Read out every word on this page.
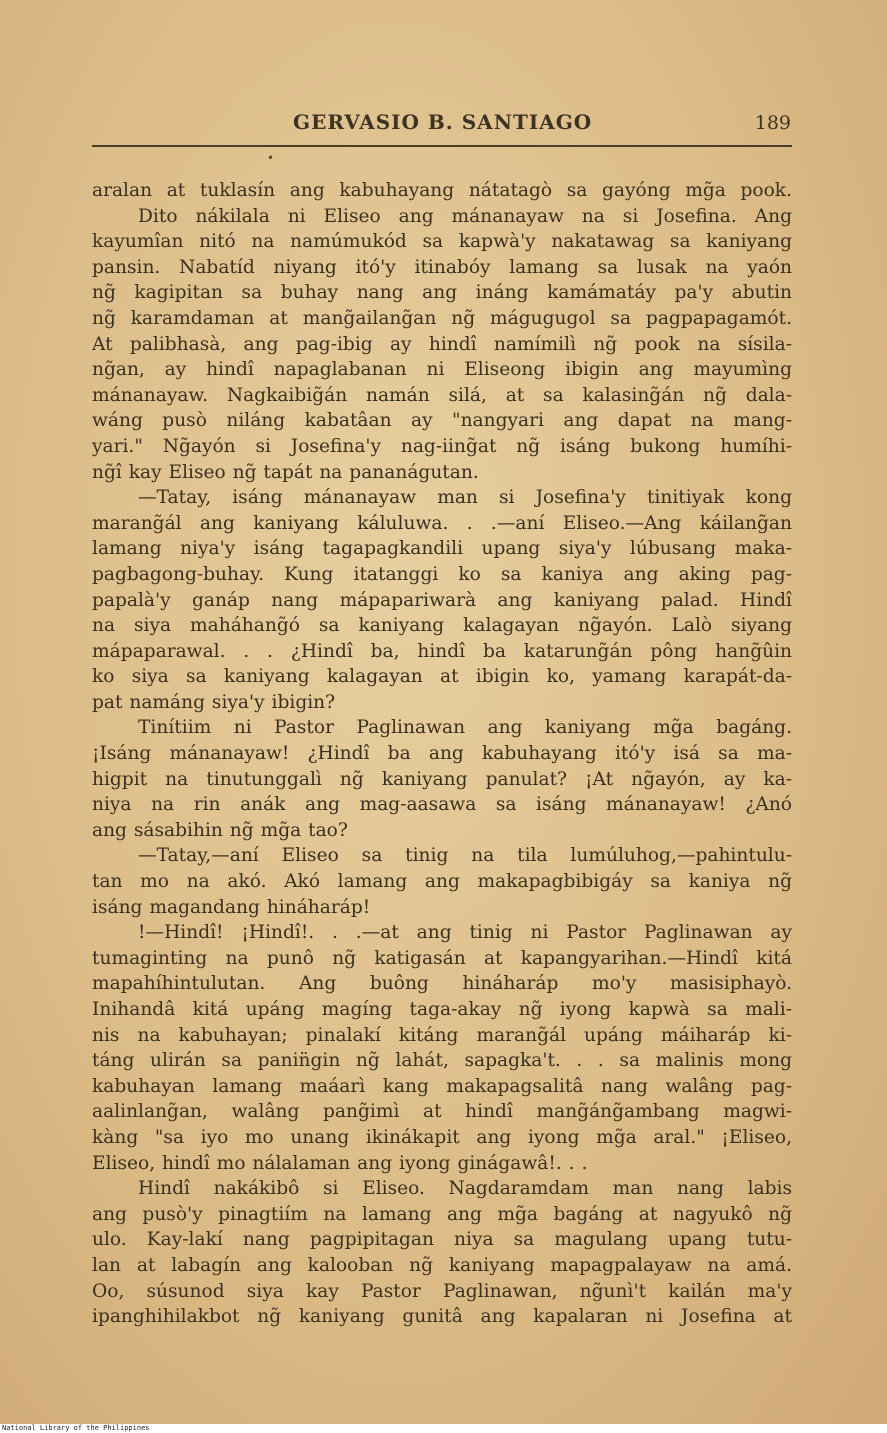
GERVASIO B. SANTIAGO	189
•
aralan at tuklasín ang kabuhayang nátatagò sa gayóng mg̃a pook.
Dito nákilala ni Eliseo ang mánanayaw na si Josefina. Ang
kayumîan nitó na namúmukód sa kapwà'y nakatawag sa kaniyang
pansin. Nabatíd niyang itó'y itinabóy lamang sa lusak na yaón
ng̃ kagipitan sa buhay nang ang ináng kamámatáy pa'y abutin
ng̃ karamdaman at mang̃ailang̃an ng̃ mágugugol sa pagpapagamót.
At palibhasà, ang pag-ibig ay hindî namímilì ng̃ pook na sísila-
ng̃an, ay hindî napaglabanan ni Eliseong ibigin ang mayumìng
mánanayaw. Nagkaibig̃án namán silá, at sa kalasing̃án ng̃ dala-
wáng pusò niláng kabatâan ay "nangyari ang dapat na mang-
yari." Ng̃ayón si Josefina'y nag-iing̃at ng̃ isáng bukong humíhi-
ng̃î kay Eliseo ng̃ tapát na pananágutan.
—Tatay, isáng mánanayaw man si Josefina'y tinitiyak kong
marang̃ál ang kaniyang káluluwa. . .—aní Eliseo.—Ang káilang̃an
lamang niya'y isáng tagapagkandili upang siya'y lúbusang maka-
pagbagong-buhay. Kung itatanggi ko sa kaniya ang aking pag-
papalà'y ganáp nang mápapariwarà ang kaniyang palad. Hindî
na siya maháhang̃ó sa kaniyang kalagayan ng̃ayón. Lalò siyang
mápaparawal. . . ¿Hindî ba, hindî ba katarung̃án pông hang̃ûin
ko siya sa kaniyang kalagayan at ibigin ko, yamang karapát-da-
pat namáng siya'y ibigin?
Tinítiim ni Pastor Paglinawan ang kaniyang mg̃a bagáng.
¡Isáng mánanayaw! ¿Hindî ba ang kabuhayang itó'y isá sa ma-
higpit na tinutunggalì ng̃ kaniyang panulat? ¡At ng̃ayón, ay ka-
niya na rin anák ang mag-aasawa sa isáng mánanayaw! ¿Anó
ang sásabihin ng̃ mg̃a tao?
—Tatay,—aní Eliseo sa tinig na tila lumúluhog,—pahintulu-
tan mo na akó. Akó lamang ang makapagbibigáy sa kaniya ng̃
isáng magandang hináharáp!
!—Hindî! ¡Hindî!. . .—at ang tinig ni Pastor Paglinawan ay
tumaginting na punô ng̃ katigasán at kapangyarihan.—Hindî kitá
mapahíhintulutan. Ang buông hináharáp mo'y masisiphayò.
Inihandâ kitá upáng magíng taga-akay ng̃ iyong kapwà sa mali-
nis na kabuhayan; pinalakí kitáng marang̃ál upáng máiharáp ki-
táng ulirán sa panin̈gin ng̃ lahát, sapagka't. . . sa malinis mong
kabuhayan lamang maáarì kang makapagsalitâ nang walâng pag-
aalinlang̃an, walâng pang̃imì at hindî mang̃áng̃ambang magwi-
kàng "sa iyo mo unang ikinákapit ang iyong mg̃a aral." ¡Eliseo,
Eliseo, hindî mo nálalaman ang iyong ginágawâ!. . .
Hindî nakákibô si Eliseo. Nagdaramdam man nang labis
ang pusò'y pinagtiím na lamang ang mg̃a bagáng at nagyukô ng̃
ulo. Kay-lakí nang pagpipitagan niya sa magulang upang tutu-
lan at labagín ang kalooban ng̃ kaniyang mapagpalayaw na amá.
Oo, súsunod siya kay Pastor Paglinawan, ng̃unì't kailán ma'y
ipanghihilakbot ng̃ kaniyang gunitâ ang kapalaran ni Josefina at
National Library of the Philippines
